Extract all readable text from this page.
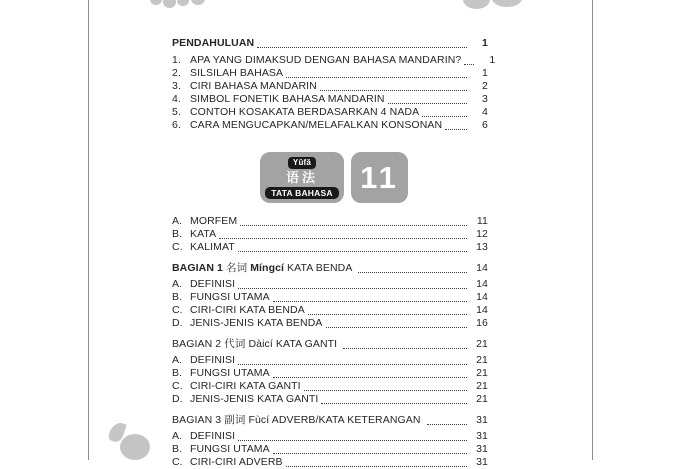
PENDAHULUAN	1
1. APA YANG DIMAKSUD DENGAN BAHASA MANDARIN?	1
2. SILSILAH BAHASA	1
3. CIRI BAHASA MANDARIN	2
4. SIMBOL FONETIK BAHASA MANDARIN	3
5. CONTOH KOSAKATA BERDASARKAN 4 NADA	4
6. CARA MENGUCAPKAN/MELAFALKAN KONSONAN	6
Yǔfǎ
语法
TATA BAHASA 11
A. MORFEM	11
B. KATA	12
C. KALIMAT	13
BAGIAN 1 名词 Míngcí KATA BENDA	14
A. DEFINISI	14
B. FUNGSI UTAMA	14
C. CIRI-CIRI KATA BENDA	14
D. JENIS-JENIS KATA BENDA	16
BAGIAN 2 代词 Dàicí KATA GANTI	21
A. DEFINISI	21
B. FUNGSI UTAMA	21
C. CIRI-CIRI KATA GANTI	21
D. JENIS-JENIS KATA GANTI	21
BAGIAN 3 副词 Fùcí ADVERB/KATA KETERANGAN	31
A. DEFINISI	31
B. FUNGSI UTAMA	31
C. CIRI-CIRI ADVERB	31
